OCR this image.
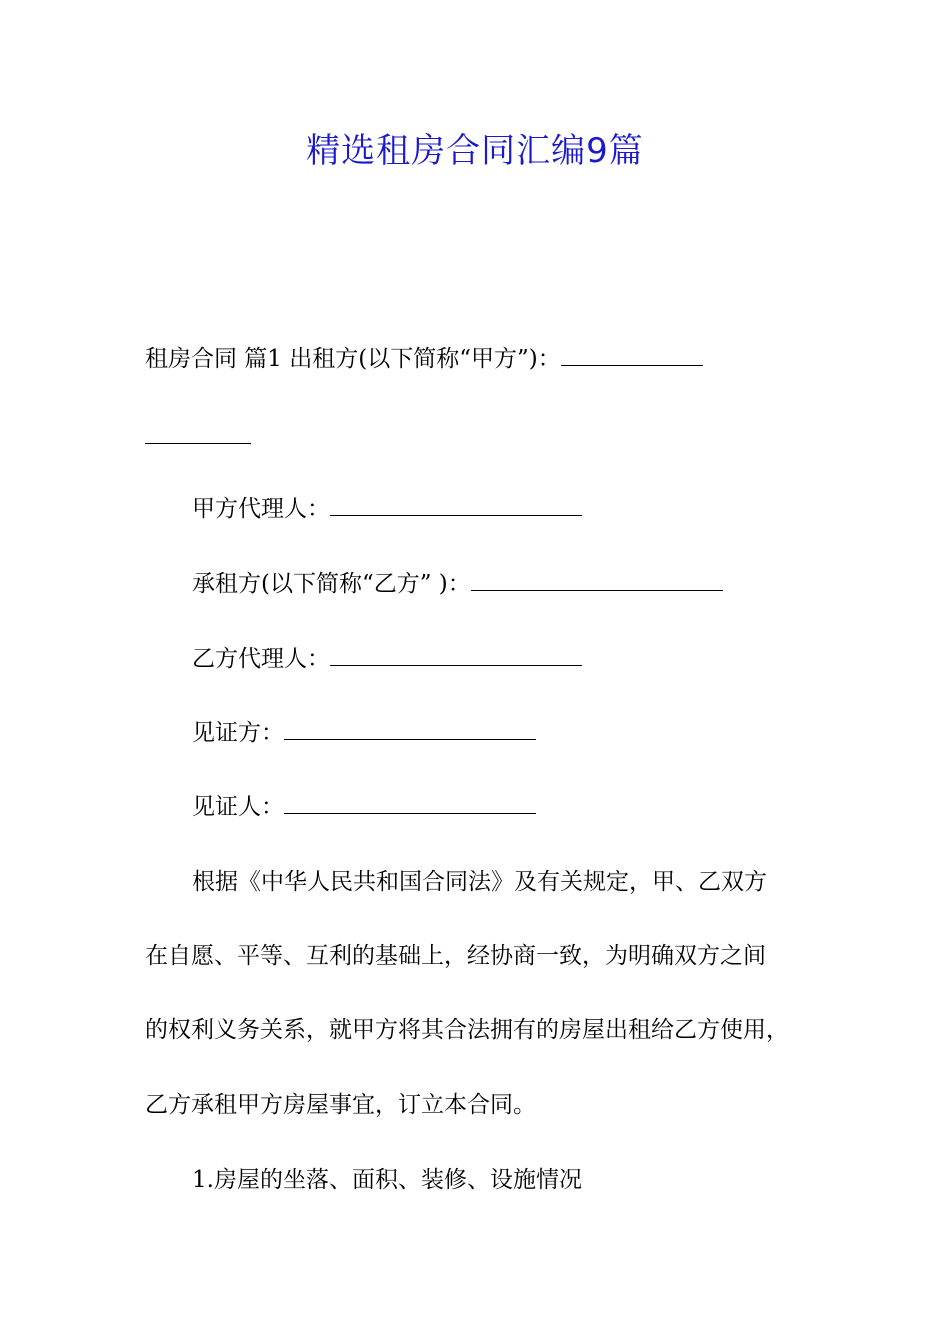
精选租房合同汇编9篇
租房合同 篇1 出租方(以下简称“甲方”)：
甲方代理人：
承租方(以下简称“乙方” )：
乙方代理人：
见证方：
见证人：
根据《中华人民共和国合同法》及有关规定，甲、乙双方
在自愿、平等、互利的基础上，经协商一致，为明确双方之间
的权利义务关系，就甲方将其合法拥有的房屋出租给乙方使用，
乙方承租甲方房屋事宜，订立本合同。
1.房屋的坐落、面积、装修、设施情况
